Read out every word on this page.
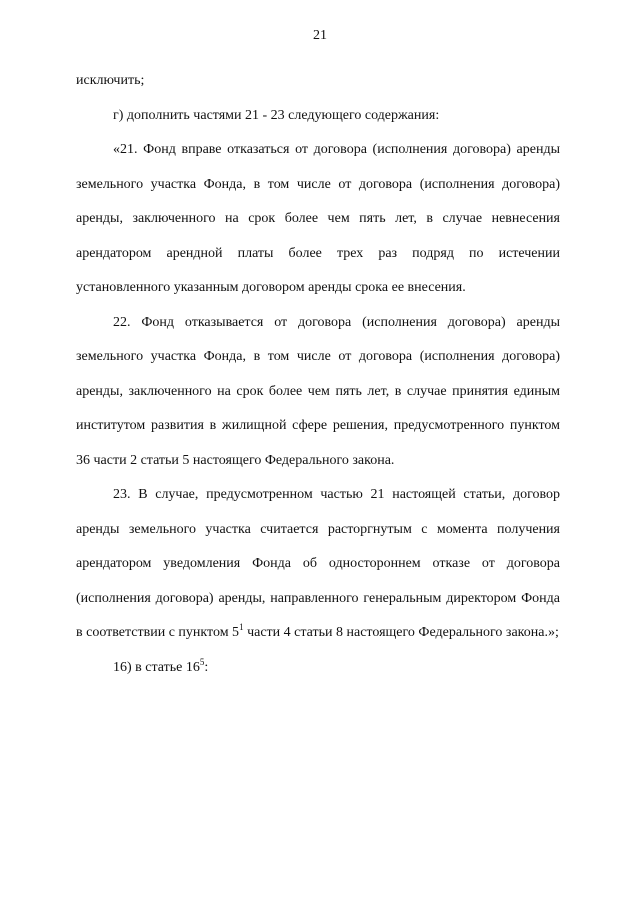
21

исключить;

г) дополнить частями 21 - 23 следующего содержания:

«21. Фонд вправе отказаться от договора (исполнения договора) аренды земельного участка Фонда, в том числе от договора (исполнения договора) аренды, заключенного на срок более чем пять лет, в случае невнесения арендатором арендной платы более трех раз подряд по истечении установленного указанным договором аренды срока ее внесения.

22. Фонд отказывается от договора (исполнения договора) аренды земельного участка Фонда, в том числе от договора (исполнения договора) аренды, заключенного на срок более чем пять лет, в случае принятия единым институтом развития в жилищной сфере решения, предусмотренного пунктом 36 части 2 статьи 5 настоящего Федерального закона.

23. В случае, предусмотренном частью 21 настоящей статьи, договор аренды земельного участка считается расторгнутым с момента получения арендатором уведомления Фонда об одностороннем отказе от договора (исполнения договора) аренды, направленного генеральным директором Фонда в соответствии с пунктом $5^1$ части 4 статьи 8 настоящего Федерального закона.»;

16) в статье $16^5$:
